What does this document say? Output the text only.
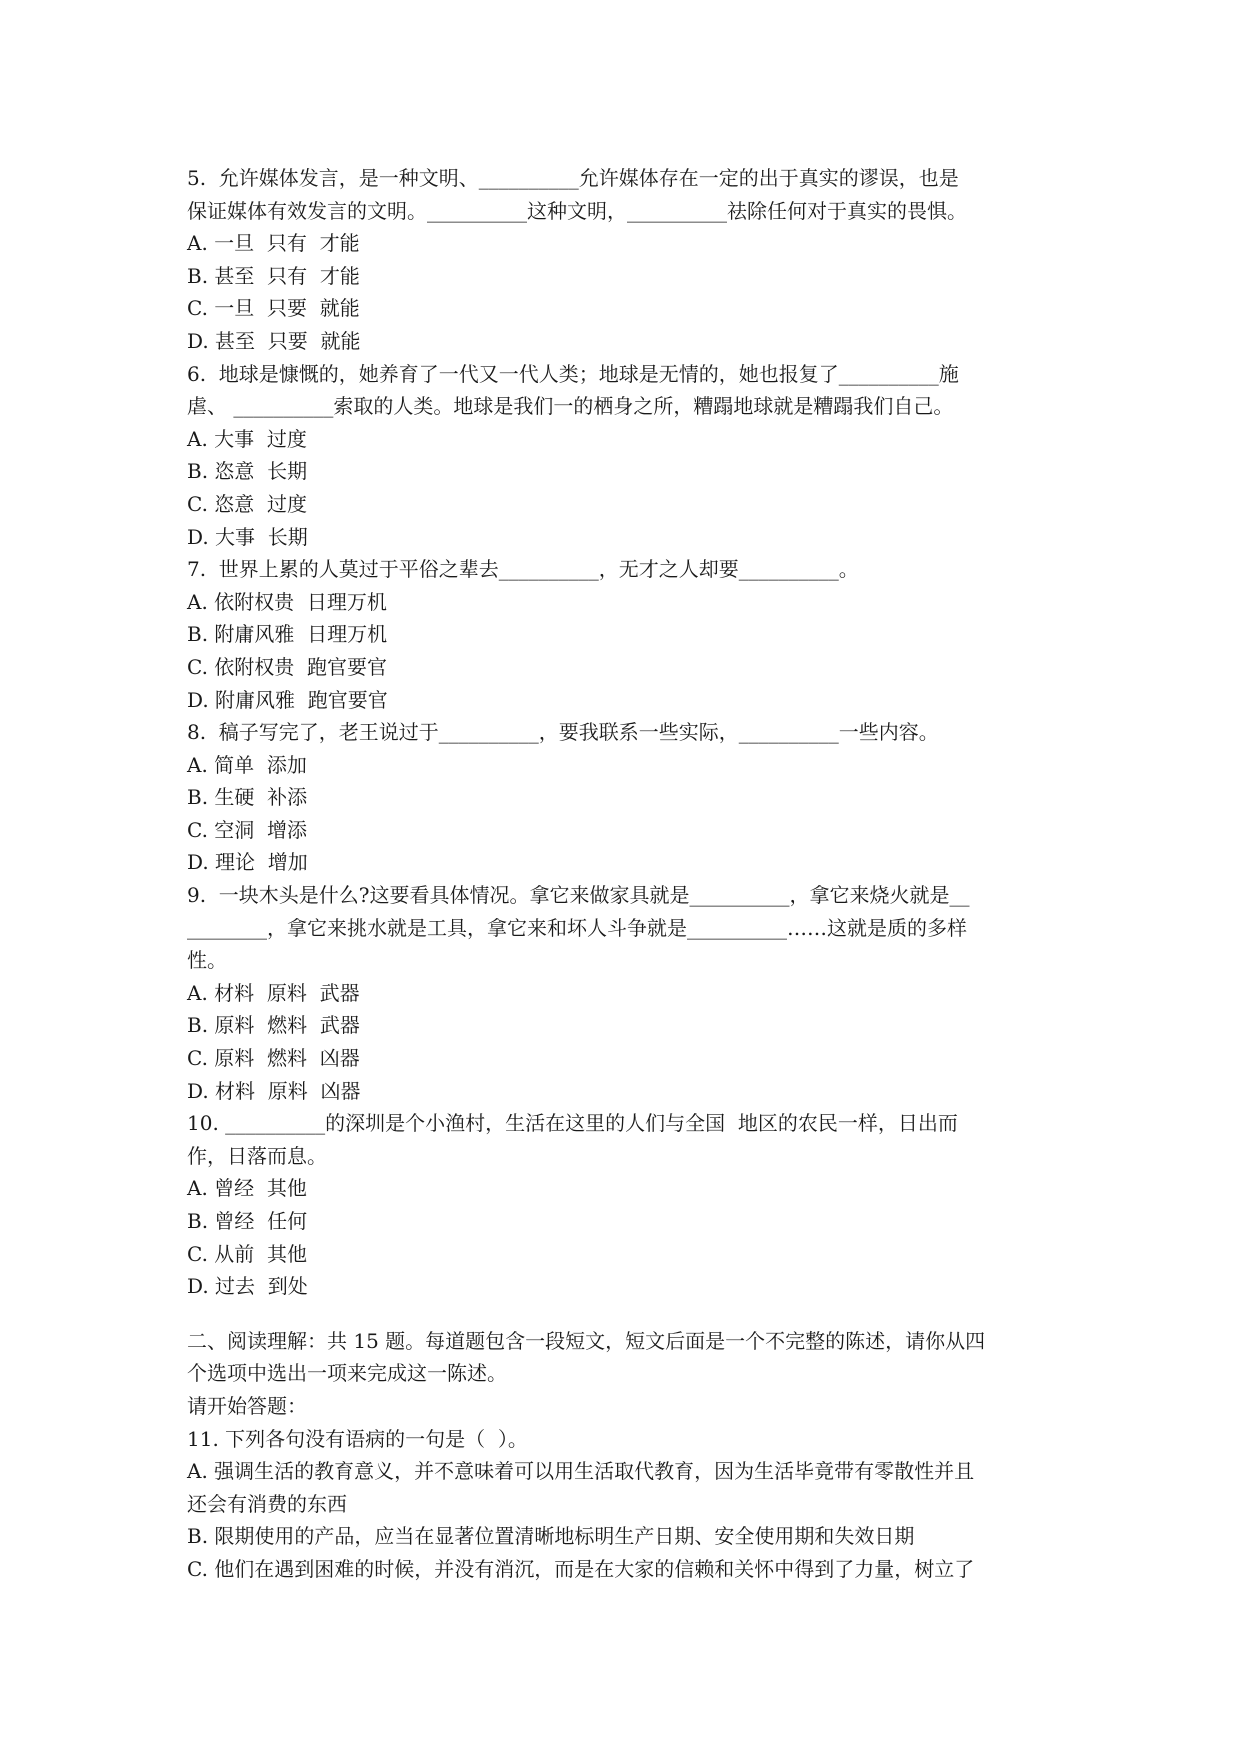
5.  允许媒体发言，是一种文明、__________允许媒体存在一定的出于真实的谬误，也是
保证媒体有效发言的文明。__________这种文明，__________祛除任何对于真实的畏惧。
A. 一旦  只有  才能
B. 甚至  只有  才能
C. 一旦  只要  就能
D. 甚至  只要  就能
6.  地球是慷慨的，她养育了一代又一代人类；地球是无情的，她也报复了__________施
虐、 __________索取的人类。地球是我们一的栖身之所，糟蹋地球就是糟蹋我们自己。
A. 大事  过度
B. 恣意  长期
C. 恣意  过度
D. 大事  长期
7.  世界上累的人莫过于平俗之辈去__________，无才之人却要__________。
A. 依附权贵  日理万机
B. 附庸风雅  日理万机
C. 依附权贵  跑官要官
D. 附庸风雅  跑官要官
8.  稿子写完了，老王说过于__________，要我联系一些实际，__________一些内容。
A. 简单  添加
B. 生硬  补添
C. 空洞  增添
D. 理论  增加
9.  一块木头是什么?这要看具体情况。拿它来做家具就是__________，拿它来烧火就是__
________，拿它来挑水就是工具，拿它来和坏人斗争就是__________……这就是质的多样
性。
A. 材料  原料  武器
B. 原料  燃料  武器
C. 原料  燃料  凶器
D. 材料  原料  凶器
10. __________的深圳是个小渔村，生活在这里的人们与全国  地区的农民一样，日出而
作，日落而息。
A. 曾经  其他
B. 曾经  任何
C. 从前  其他
D. 过去  到处
二、阅读理解：共 15 题。每道题包含一段短文，短文后面是一个不完整的陈述，请你从四
个选项中选出一项来完成这一陈述。
请开始答题：
11. 下列各句没有语病的一句是（  ）。
A. 强调生活的教育意义，并不意味着可以用生活取代教育，因为生活毕竟带有零散性并且
还会有消费的东西
B. 限期使用的产品，应当在显著位置清晰地标明生产日期、安全使用期和失效日期
C. 他们在遇到困难的时候，并没有消沉，而是在大家的信赖和关怀中得到了力量，树立了
